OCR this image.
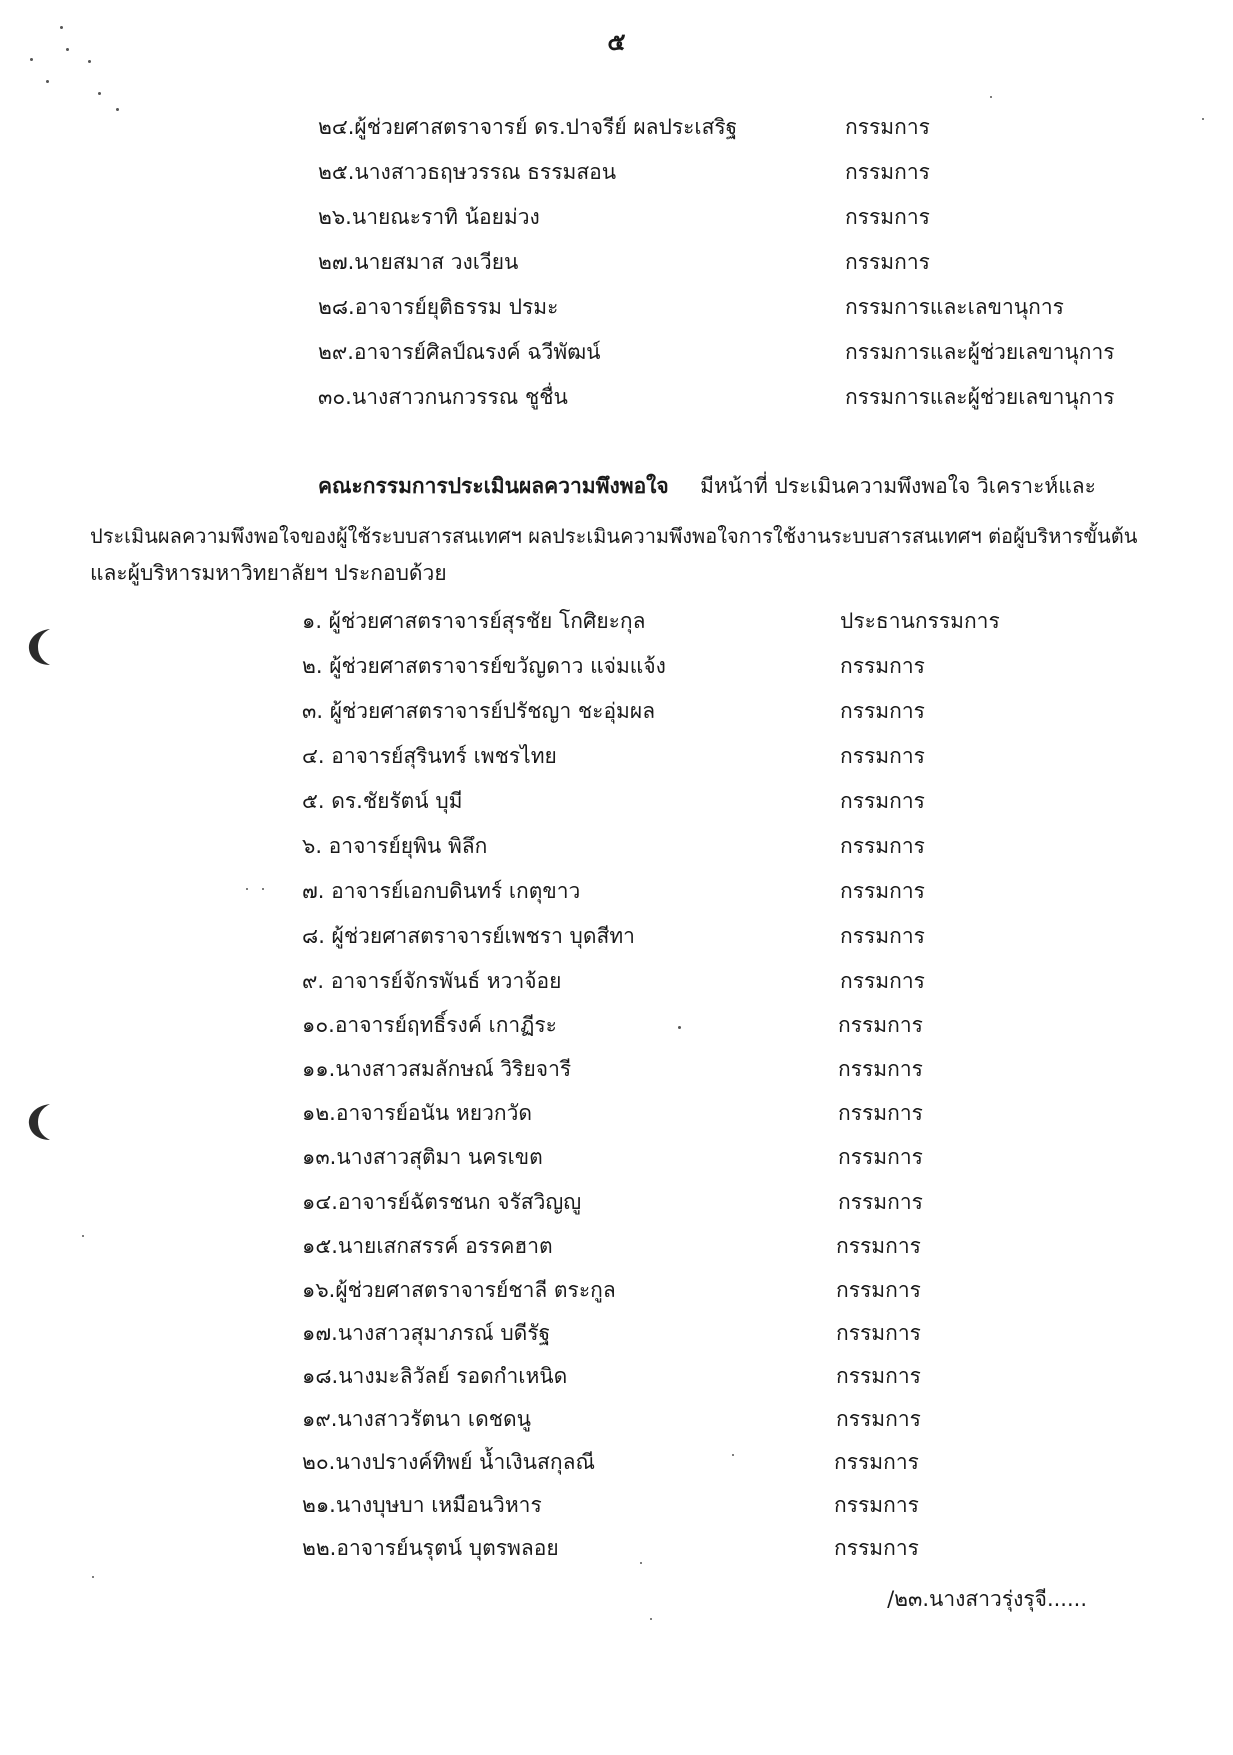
๕
๒๔.ผู้ช่วยศาสตราจารย์ ดร.ปาจรีย์ ผลประเสริฐ	กรรมการ
๒๕.นางสาวธฤษวรรณ ธรรมสอน	กรรมการ
๒๖.นายณะราทิ น้อยม่วง	กรรมการ
๒๗.นายสมาส วงเวียน	กรรมการ
๒๘.อาจารย์ยุติธรรม ปรมะ	กรรมการและเลขานุการ
๒๙.อาจารย์ศิลป์ณรงค์ ฉวีพัฒน์	กรรมการและผู้ช่วยเลขานุการ
๓๐.นางสาวกนกวรรณ ชูชื่น	กรรมการและผู้ช่วยเลขานุการ
คณะกรรมการประเมินผลความพึงพอใจ มีหน้าที่ ประเมินความพึงพอใจ วิเคราะห์และ
ประเมินผลความพึงพอใจของผู้ใช้ระบบสารสนเทศฯ ผลประเมินความพึงพอใจการใช้งานระบบสารสนเทศฯ ต่อผู้บริหารขั้นต้น
และผู้บริหารมหาวิทยาลัยฯ ประกอบด้วย
๑. ผู้ช่วยศาสตราจารย์สุรชัย โกศิยะกุล	ประธานกรรมการ
๒. ผู้ช่วยศาสตราจารย์ขวัญดาว แจ่มแจ้ง	กรรมการ
๓. ผู้ช่วยศาสตราจารย์ปรัชญา ชะอุ่มผล	กรรมการ
๔. อาจารย์สุรินทร์ เพชรไทย	กรรมการ
๕. ดร.ชัยรัตน์ บุมี	กรรมการ
๖. อาจารย์ยุพิน พิลึก	กรรมการ
๗. อาจารย์เอกบดินทร์ เกตุขาว	กรรมการ
๘. ผู้ช่วยศาสตราจารย์เพชรา บุดสีทา	กรรมการ
๙. อาจารย์จักรพันธ์ หวาจ้อย	กรรมการ
๑๐.อาจารย์ฤทธิ์รงค์ เกาฏีระ	กรรมการ
๑๑.นางสาวสมลักษณ์ วิริยจารี	กรรมการ
๑๒.อาจารย์อนัน หยวกวัด	กรรมการ
๑๓.นางสาวสุติมา นครเขต	กรรมการ
๑๔.อาจารย์ฉัตรชนก จรัสวิญญู	กรรมการ
๑๕.นายเสกสรรค์ อรรคฮาต	กรรมการ
๑๖.ผู้ช่วยศาสตราจารย์ชาลี ตระกูล	กรรมการ
๑๗.นางสาวสุมาภรณ์ บดีรัฐ	กรรมการ
๑๘.นางมะลิวัลย์ รอดกำเหนิด	กรรมการ
๑๙.นางสาวรัตนา เดชดนู	กรรมการ
๒๐.นางปรางค์ทิพย์ น้ำเงินสกุลณี	กรรมการ
๒๑.นางบุษบา เหมือนวิหาร	กรรมการ
๒๒.อาจารย์นรุตน์ บุตรพลอย	กรรมการ
/๒๓.นางสาวรุ่งรุจี......
